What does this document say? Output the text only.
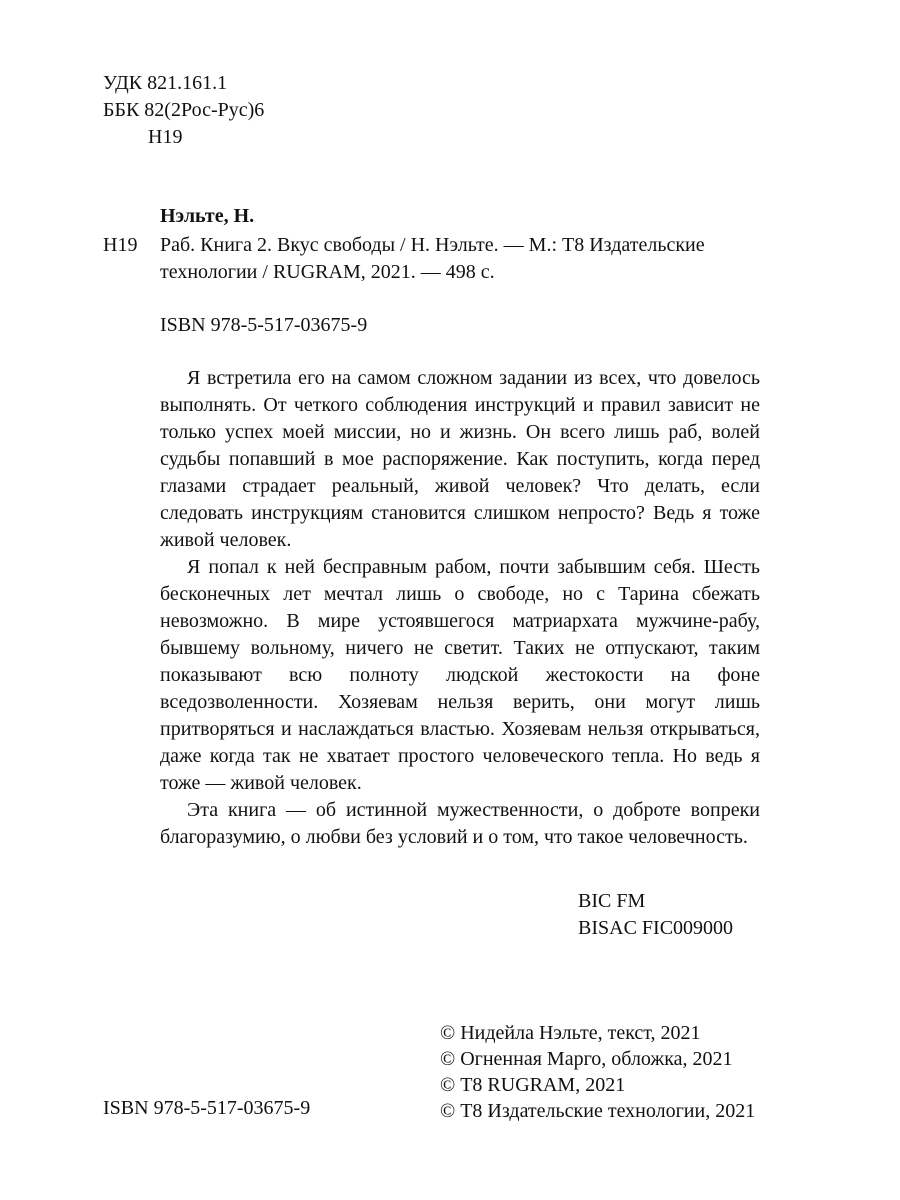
УДК 821.161.1
ББК 82(2Рос-Рус)6
Н19
Нэльте, Н.
Н19 Раб. Книга 2. Вкус свободы / Н. Нэльте. — М.: Т8 Издательские технологии / RUGRAM, 2021. — 498 с.
ISBN 978-5-517-03675-9

Я встретила его на самом сложном задании из всех, что довелось выполнять. От четкого соблюдения инструкций и правил зависит не только успех моей миссии, но и жизнь. Он всего лишь раб, волей судьбы попавший в мое распоряжение. Как поступить, когда перед глазами страдает реальный, живой человек? Что делать, если следовать инструкциям становится слишком непросто? Ведь я тоже живой человек.

Я попал к ней бесправным рабом, почти забывшим себя. Шесть бесконечных лет мечтал лишь о свободе, но с Тарина сбежать невозможно. В мире устоявшегося матриархата мужчине-рабу, бывшему вольному, ничего не светит. Таких не отпускают, таким показывают всю полноту людской жестокости на фоне вседозволенности. Хозяевам нельзя верить, они могут лишь притворяться и наслаждаться властью. Хозяевам нельзя открываться, даже когда так не хватает простого человеческого тепла. Но ведь я тоже — живой человек.

Эта книга — об истинной мужественности, о доброте вопреки благоразумию, о любви без условий и о том, что такое человечность.

BIC FM
BISAC FIC009000
© Нидейла Нэльте, текст, 2021
© Огненная Марго, обложка, 2021
© Т8 RUGRAM, 2021
© Т8 Издательские технологии, 2021
ISBN 978-5-517-03675-9
